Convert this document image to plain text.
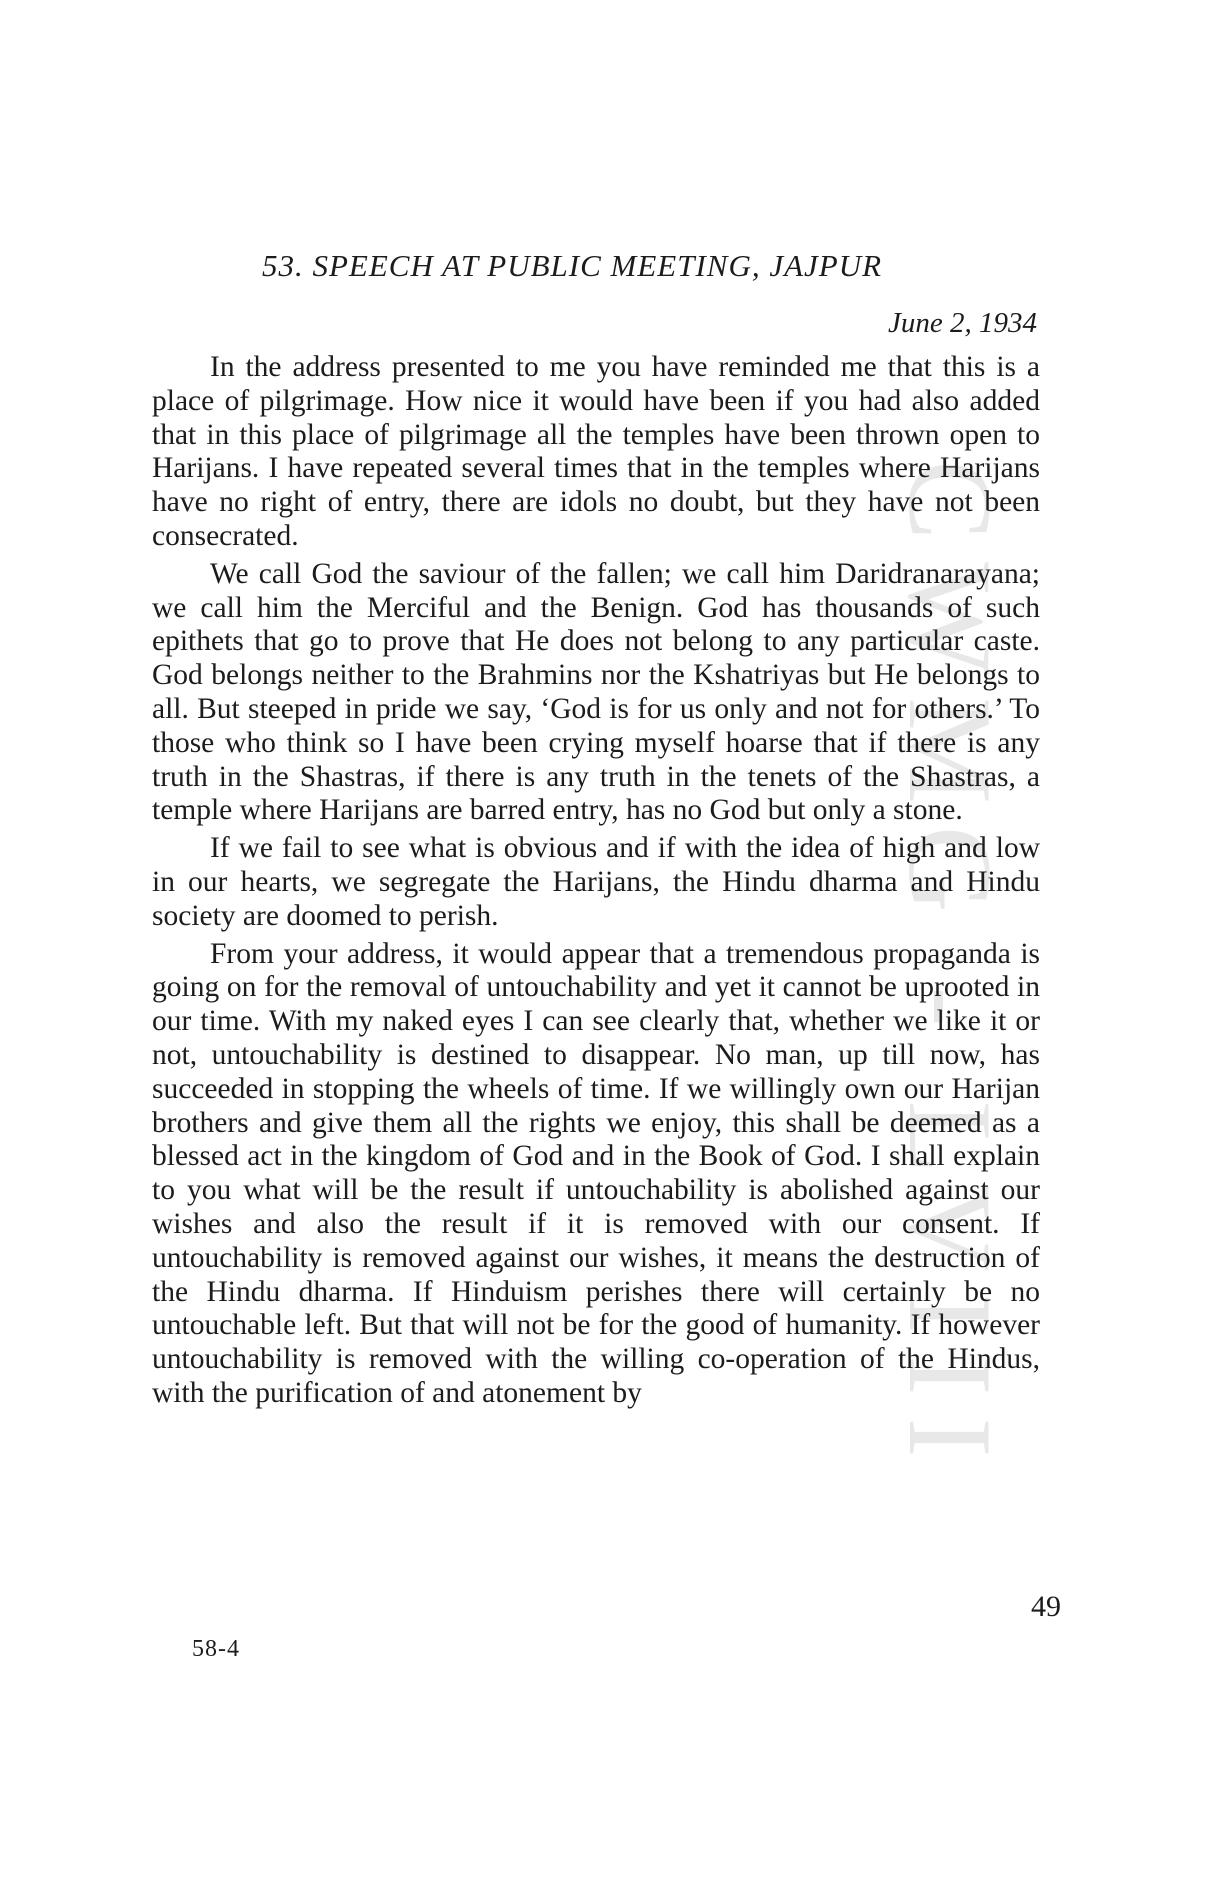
CWMG - LVIII
53. SPEECH AT PUBLIC MEETING, JAJPUR
June 2, 1934

In the address presented to me you have reminded me that this is a place of pilgrimage. How nice it would have been if you had also added that in this place of pilgrimage all the temples have been thrown open to Harijans. I have repeated several times that in the temples where Harijans have no right of entry, there are idols no doubt, but they have not been consecrated.

We call God the saviour of the fallen; we call him Daridranarayana; we call him the Merciful and the Benign. God has thousands of such epithets that go to prove that He does not belong to any particular caste. God belongs neither to the Brahmins nor the Kshatriyas but He belongs to all. But steeped in pride we say, ‘God is for us only and not for others.’ To those who think so I have been crying myself hoarse that if there is any truth in the Shastras, if there is any truth in the tenets of the Shastras, a temple where Harijans are barred entry, has no God but only a stone.

If we fail to see what is obvious and if with the idea of high and low in our hearts, we segregate the Harijans, the Hindu dharma and Hindu society are doomed to perish.

From your address, it would appear that a tremendous propaganda is going on for the removal of untouchability and yet it cannot be uprooted in our time. With my naked eyes I can see clearly that, whether we like it or not, untouchability is destined to disappear. No man, up till now, has succeeded in stopping the wheels of time. If we willingly own our Harijan brothers and give them all the rights we enjoy, this shall be deemed as a blessed act in the kingdom of God and in the Book of God. I shall explain to you what will be the result if untouchability is abolished against our wishes and also the result if it is removed with our consent. If untouchability is removed against our wishes, it means the destruction of the Hindu dharma. If Hinduism perishes there will certainly be no untouchable left. But that will not be for the good of humanity. If however untouchability is removed with the willing co-operation of the Hindus, with the purification of and atonement by

49
58-4
